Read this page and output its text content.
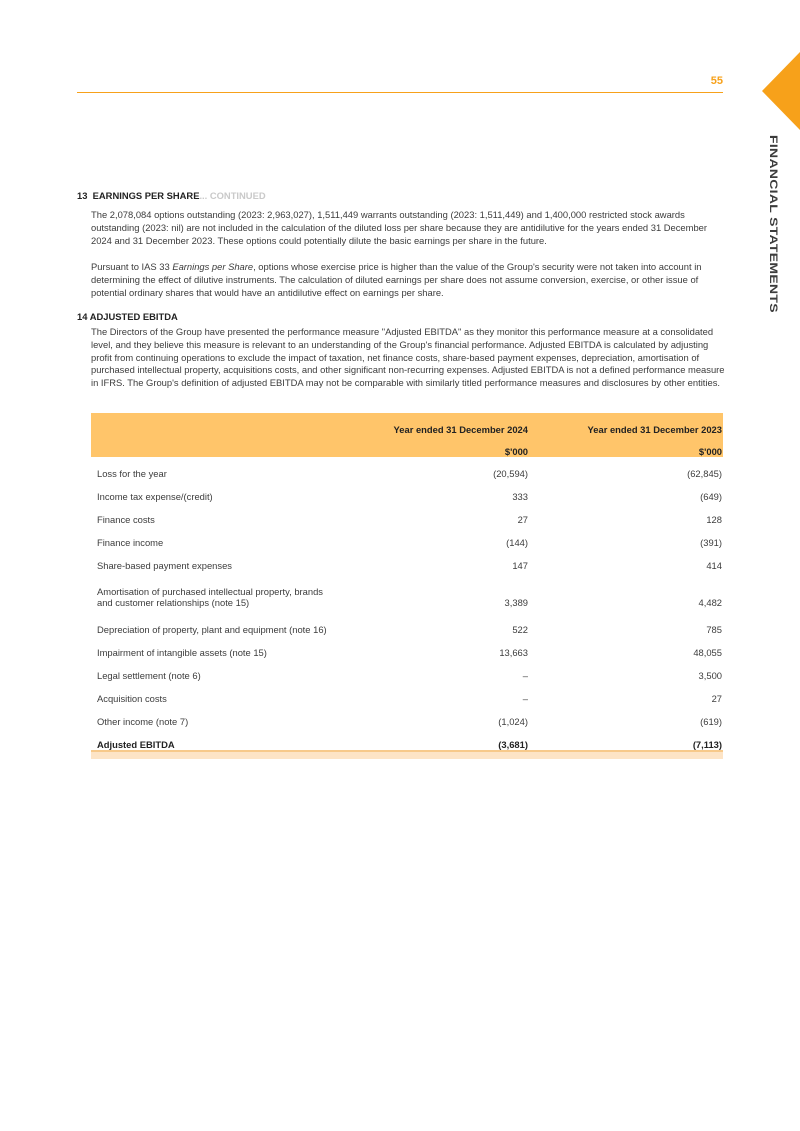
55
FINANCIAL STATEMENTS
13 EARNINGS PER SHARE... CONTINUED

The 2,078,084 options outstanding (2023: 2,963,027), 1,511,449 warrants outstanding (2023: 1,511,449) and 1,400,000 restricted stock awards outstanding (2023: nil) are not included in the calculation of the diluted loss per share because they are antidilutive for the years ended 31 December 2024 and 31 December 2023. These options could potentially dilute the basic earnings per share in the future.

Pursuant to IAS 33 Earnings per Share, options whose exercise price is higher than the value of the Group's security were not taken into account in determining the effect of dilutive instruments. The calculation of diluted earnings per share does not assume conversion, exercise, or other issue of potential ordinary shares that would have an antidilutive effect on earnings per share.

14 ADJUSTED EBITDA

The Directors of the Group have presented the performance measure "Adjusted EBITDA" as they monitor this performance measure at a consolidated level, and they believe this measure is relevant to an understanding of the Group's financial performance. Adjusted EBITDA is calculated by adjusting profit from continuing operations to exclude the impact of taxation, net finance costs, share-based payment expenses, depreciation, amortisation of purchased intellectual property, acquisitions costs, and other significant non-recurring expenses. Adjusted EBITDA is not a defined performance measure in IFRS. The Group's definition of adjusted EBITDA may not be comparable with similarly titled performance measures and disclosures by other entities.

	Year ended 31 December 2024	Year ended 31 December 2023
	$'000	$'000
Loss for the year	(20,594)	(62,845)
Income tax expense/(credit)	333	(649)
Finance costs	27	128
Finance income	(144)	(391)
Share-based payment expenses	147	414
Amortisation of purchased intellectual property, brands and customer relationships (note 15)	3,389	4,482
Depreciation of property, plant and equipment (note 16)	522	785
Impairment of intangible assets (note 15)	13,663	48,055
Legal settlement (note 6)	–	3,500
Acquisition costs	–	27
Other income (note 7)	(1,024)	(619)
Adjusted EBITDA	(3,681)	(7,113)
